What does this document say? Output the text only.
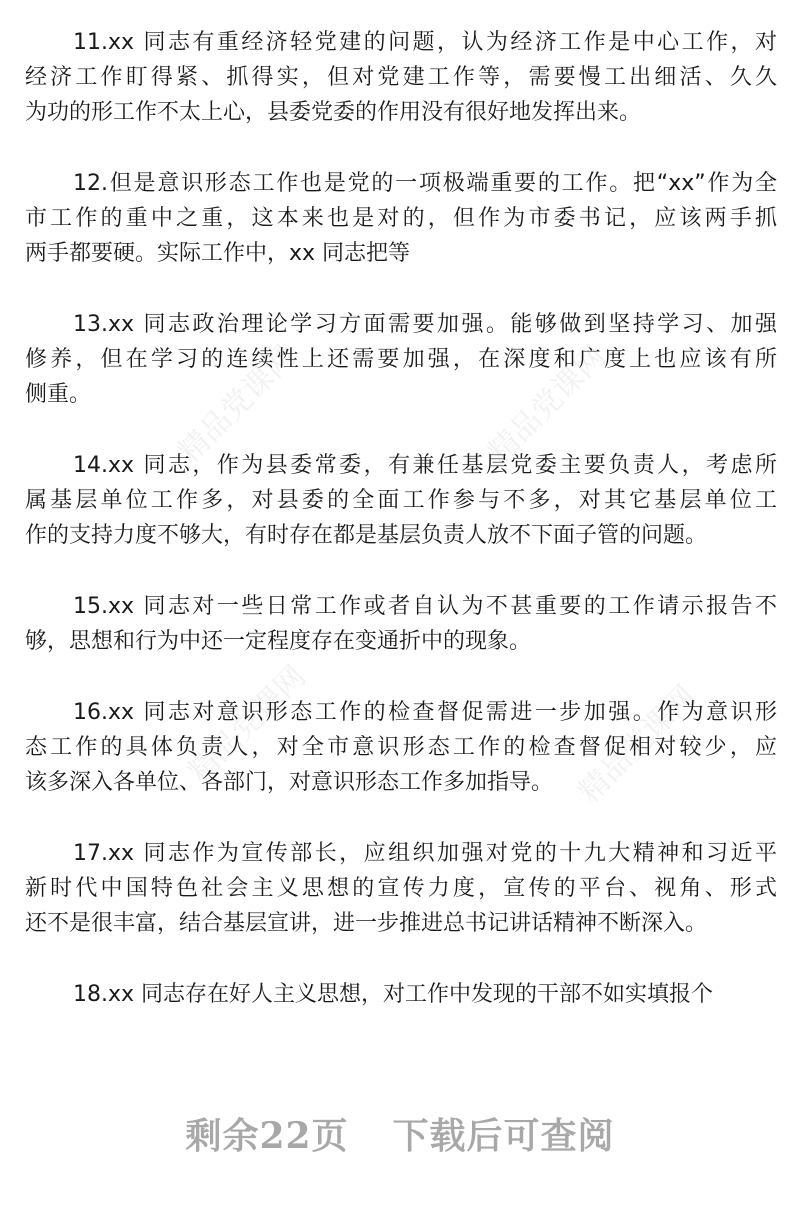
精品党课网	精品党课网
精品党课网	精品党课网
11.xx 同志有重经济轻党建的问题，认为经济工作是中心工作，对
经济工作盯得紧、抓得实，但对党建工作等，需要慢工出细活、久久
为功的形工作不太上心，县委党委的作用没有很好地发挥出来。
12.但是意识形态工作也是党的一项极端重要的工作。把“xx”作为全
市工作的重中之重，这本来也是对的，但作为市委书记，应该两手抓
两手都要硬。实际工作中，xx 同志把等
13.xx 同志政治理论学习方面需要加强。能够做到坚持学习、加强
修养，但在学习的连续性上还需要加强，在深度和广度上也应该有所
侧重。
14.xx 同志，作为县委常委，有兼任基层党委主要负责人，考虑所
属基层单位工作多，对县委的全面工作参与不多，对其它基层单位工
作的支持力度不够大，有时存在都是基层负责人放不下面子管的问题。
15.xx 同志对一些日常工作或者自认为不甚重要的工作请示报告不
够，思想和行为中还一定程度存在变通折中的现象。
16.xx 同志对意识形态工作的检查督促需进一步加强。作为意识形
态工作的具体负责人，对全市意识形态工作的检查督促相对较少，应
该多深入各单位、各部门，对意识形态工作多加指导。
17.xx 同志作为宣传部长，应组织加强对党的十九大精神和习近平
新时代中国特色社会主义思想的宣传力度，宣传的平台、视角、形式
还不是很丰富，结合基层宣讲，进一步推进总书记讲话精神不断深入。
18.xx 同志存在好人主义思想，对工作中发现的干部不如实填报个
剩余22页 下载后可查阅
